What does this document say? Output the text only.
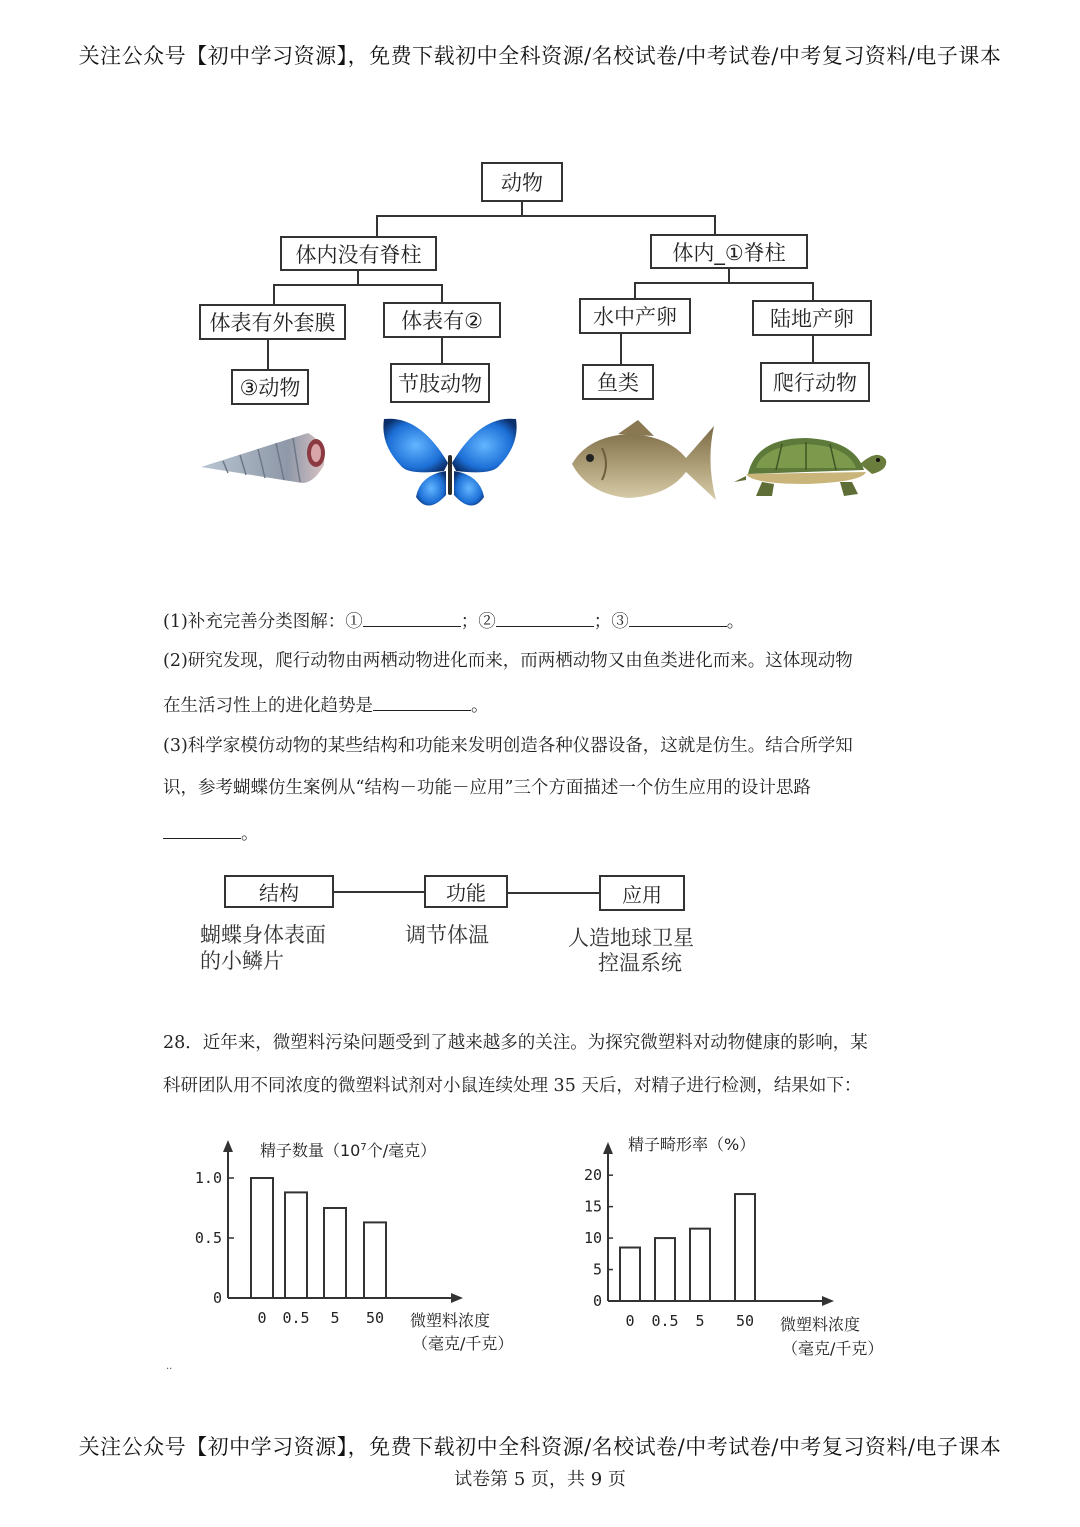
关注公众号【初中学习资源】，免费下载初中全科资源/名校试卷/中考试卷/中考复习资料/电子课本
动物
体内没有脊柱	体内_①脊柱
体表有外套膜	体表有②	水中产卵	陆地产卵
③动物	节肢动物	鱼类	爬行动物
(1)补充完善分类图解：①	；②	；③	。
(2)研究发现，爬行动物由两栖动物进化而来，而两栖动物又由鱼类进化而来。这体现动物
在生活习性上的进化趋势是	。
(3)科学家模仿动物的某些结构和功能来发明创造各种仪器设备，这就是仿生。结合所学知
识，参考蝴蝶仿生案例从“结构－功能－应用”三个方面描述一个仿生应用的设计思路
。
结构	功能	应用
蝴蝶身体表面
的小鳞片
调节体温	人造地球卫星
控温系统
28．近年来，微塑料污染问题受到了越来越多的关注。为探究微塑料对动物健康的影响，某
科研团队用不同浓度的微塑料试剂对小鼠连续处理 35 天后，对精子进行检测，结果如下：
0
0.5
1.0
0 0.5 5 50
精子数量（$10^7$个/毫克）
微塑料浓度
（毫克/千克）
0
5
10
15
20
0 0.5 5 50
精子畸形率（%）
微塑料浓度
（毫克/千克）
··
关注公众号【初中学习资源】，免费下载初中全科资源/名校试卷/中考试卷/中考复习资料/电子课本
试卷第 5 页，共 9 页
